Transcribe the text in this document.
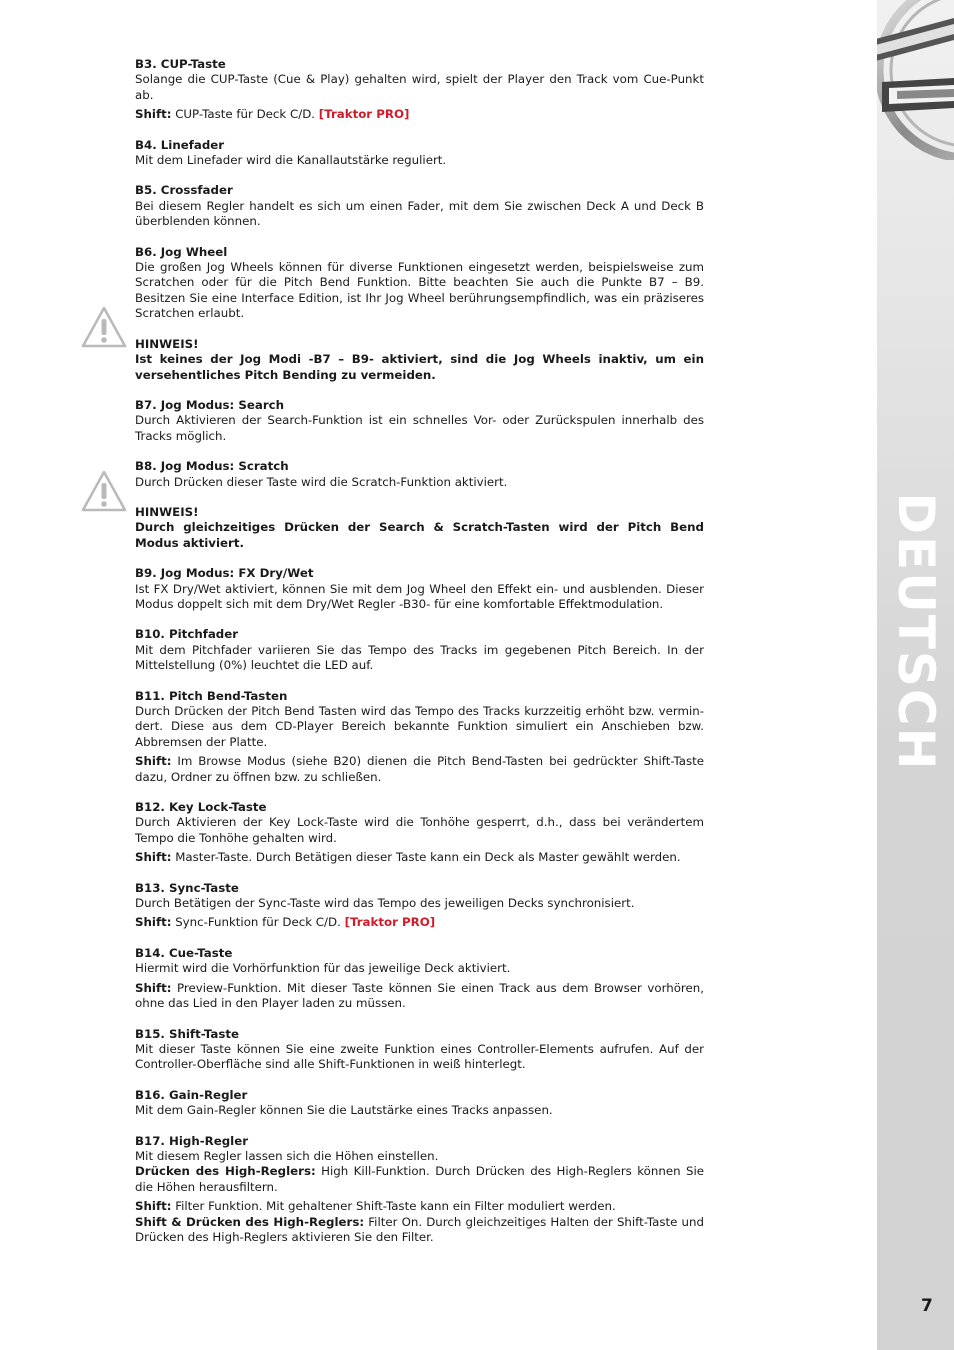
DEUTSCH
7
B3. CUP-Taste
Solange die CUP-Taste (Cue & Play) gehalten wird, spielt der Player den Track vom Cue-Punkt ab.
Shift: CUP-Taste für Deck C/D. [Traktor PRO]
B4. Linefader
Mit dem Linefader wird die Kanallautstärke reguliert.
B5. Crossfader
Bei diesem Regler handelt es sich um einen Fader, mit dem Sie zwischen Deck A und Deck B überblenden können.
B6. Jog Wheel
Die großen Jog Wheels können für diverse Funktionen eingesetzt werden, beispielsweise zum Scratchen oder für die Pitch Bend Funktion. Bitte beachten Sie auch die Punkte B7 – B9. Besitzen Sie eine Interface Edition, ist Ihr Jog Wheel berührungsempfindlich, was ein präziseres Scratchen erlaubt.
HINWEIS!
Ist keines der Jog Modi -B7 – B9- aktiviert, sind die Jog Wheels inaktiv, um ein versehentliches Pitch Bending zu vermeiden.
B7. Jog Modus: Search
Durch Aktivieren der Search-Funktion ist ein schnelles Vor- oder Zurückspulen innerhalb des Tracks möglich.
B8. Jog Modus: Scratch
Durch Drücken dieser Taste wird die Scratch-Funktion aktiviert.
HINWEIS!
Durch gleichzeitiges Drücken der Search & Scratch-Tasten wird der Pitch Bend Modus aktiviert.
B9. Jog Modus: FX Dry/Wet
Ist FX Dry/Wet aktiviert, können Sie mit dem Jog Wheel den Effekt ein- und ausblenden. Dieser Modus doppelt sich mit dem Dry/Wet Regler -B30- für eine komfortable Effektmodulation.
B10. Pitchfader
Mit dem Pitchfader variieren Sie das Tempo des Tracks im gegebenen Pitch Bereich. In der Mittelstellung (0%) leuchtet die LED auf.
B11. Pitch Bend-Tasten
Durch Drücken der Pitch Bend Tasten wird das Tempo des Tracks kurzzeitig erhöht bzw. vermindert. Diese aus dem CD-Player Bereich bekannte Funktion simuliert ein Anschieben bzw. Abbremsen der Platte.
Shift: Im Browse Modus (siehe B20) dienen die Pitch Bend-Tasten bei gedrückter Shift-Taste dazu, Ordner zu öffnen bzw. zu schließen.
B12. Key Lock-Taste
Durch Aktivieren der Key Lock-Taste wird die Tonhöhe gesperrt, d.h., dass bei verändertem Tempo die Tonhöhe gehalten wird.
Shift: Master-Taste. Durch Betätigen dieser Taste kann ein Deck als Master gewählt werden.
B13. Sync-Taste
Durch Betätigen der Sync-Taste wird das Tempo des jeweiligen Decks synchronisiert.
Shift: Sync-Funktion für Deck C/D. [Traktor PRO]
B14. Cue-Taste
Hiermit wird die Vorhörfunktion für das jeweilige Deck aktiviert.
Shift: Preview-Funktion. Mit dieser Taste können Sie einen Track aus dem Browser vorhören, ohne das Lied in den Player laden zu müssen.
B15. Shift-Taste
Mit dieser Taste können Sie eine zweite Funktion eines Controller-Elements aufrufen. Auf der Controller-Oberfläche sind alle Shift-Funktionen in weiß hinterlegt.
B16. Gain-Regler
Mit dem Gain-Regler können Sie die Lautstärke eines Tracks anpassen.
B17. High-Regler
Mit diesem Regler lassen sich die Höhen einstellen.
Drücken des High-Reglers: High Kill-Funktion. Durch Drücken des High-Reglers können Sie die Höhen herausfiltern.
Shift: Filter Funktion. Mit gehaltener Shift-Taste kann ein Filter moduliert werden.
Shift & Drücken des High-Reglers: Filter On. Durch gleichzeitiges Halten der Shift-Taste und Drücken des High-Reglers aktivieren Sie den Filter.
